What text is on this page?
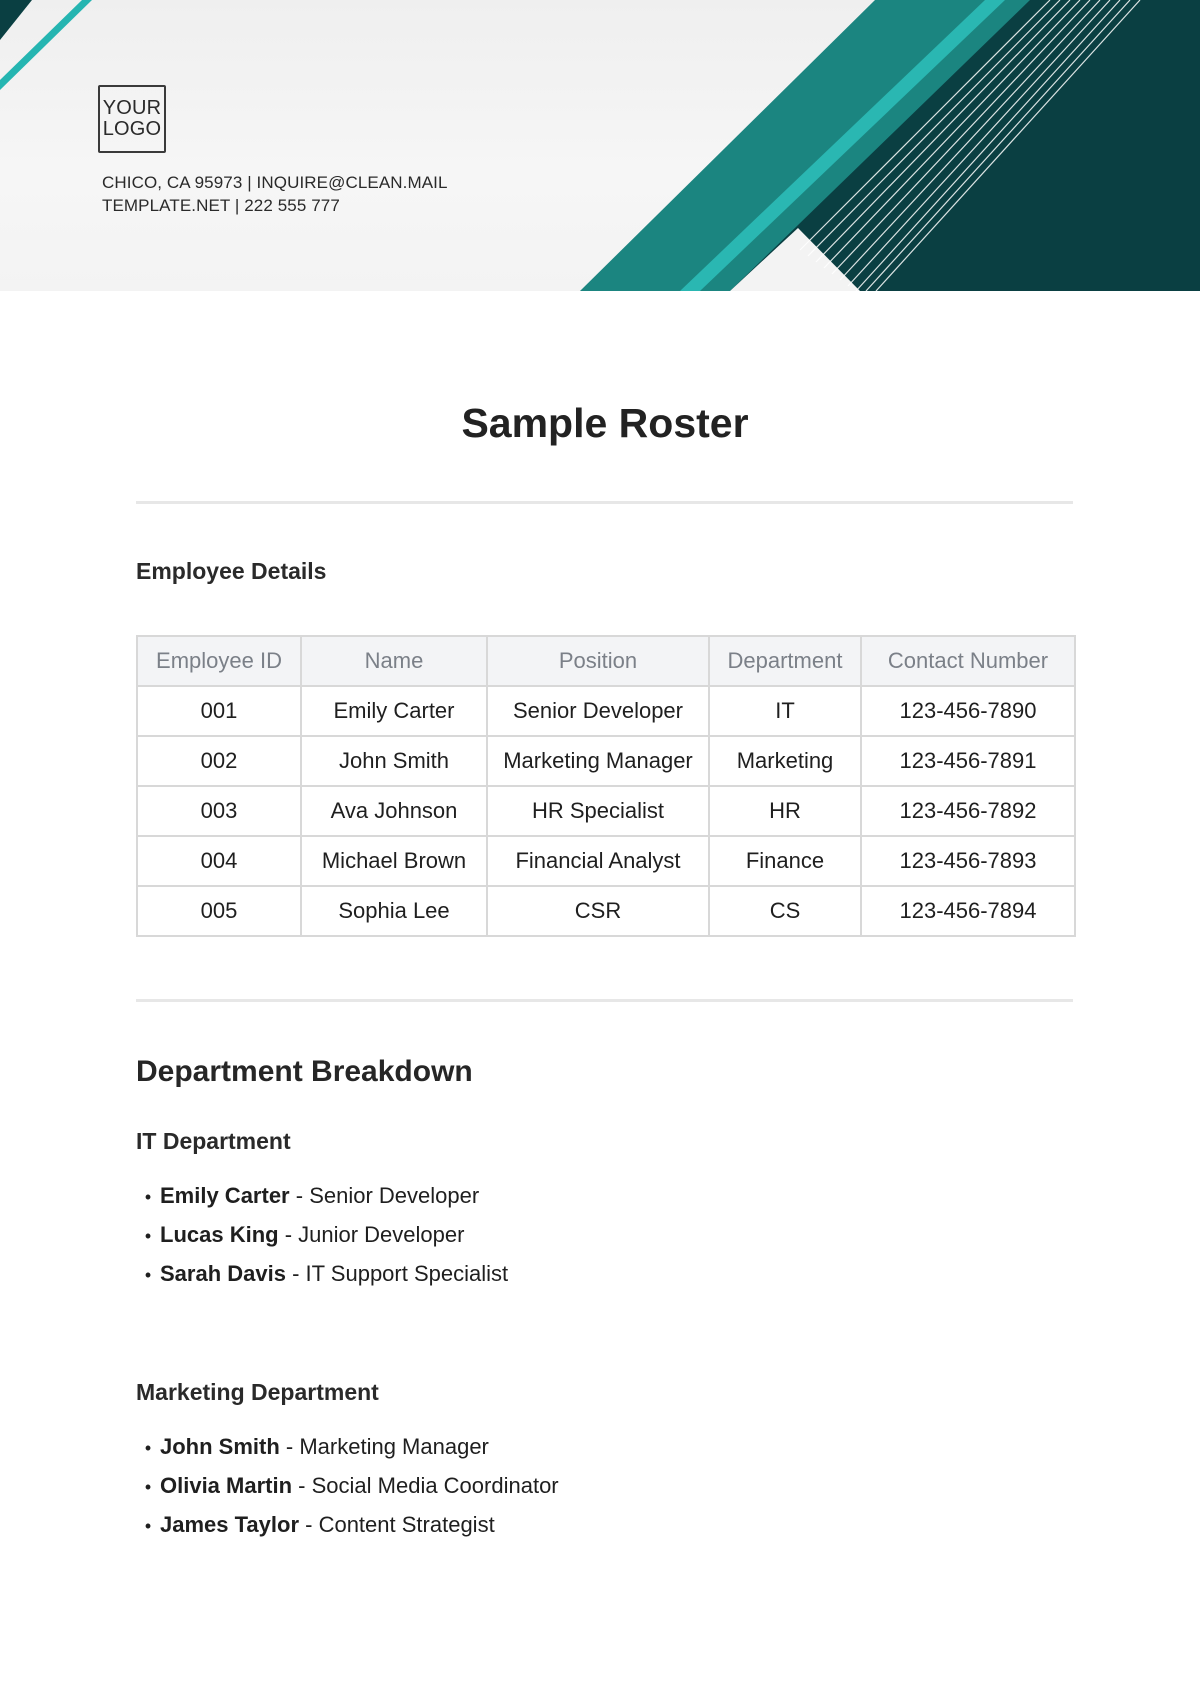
YOUR
LOGO
CHICO, CA 95973 | INQUIRE@CLEAN.MAIL
TEMPLATE.NET | 222 555 777
Sample Roster
Employee Details
Employee ID	Name	Position	Department	Contact Number
001	Emily Carter	Senior Developer	IT	123-456-7890
002	John Smith	Marketing Manager	Marketing	123-456-7891
003	Ava Johnson	HR Specialist	HR	123-456-7892
004	Michael Brown	Financial Analyst	Finance	123-456-7893
005	Sophia Lee	CSR	CS	123-456-7894
Department Breakdown
IT Department
• Emily Carter - Senior Developer
• Lucas King - Junior Developer
• Sarah Davis - IT Support Specialist
Marketing Department
• John Smith - Marketing Manager
• Olivia Martin - Social Media Coordinator
• James Taylor - Content Strategist
